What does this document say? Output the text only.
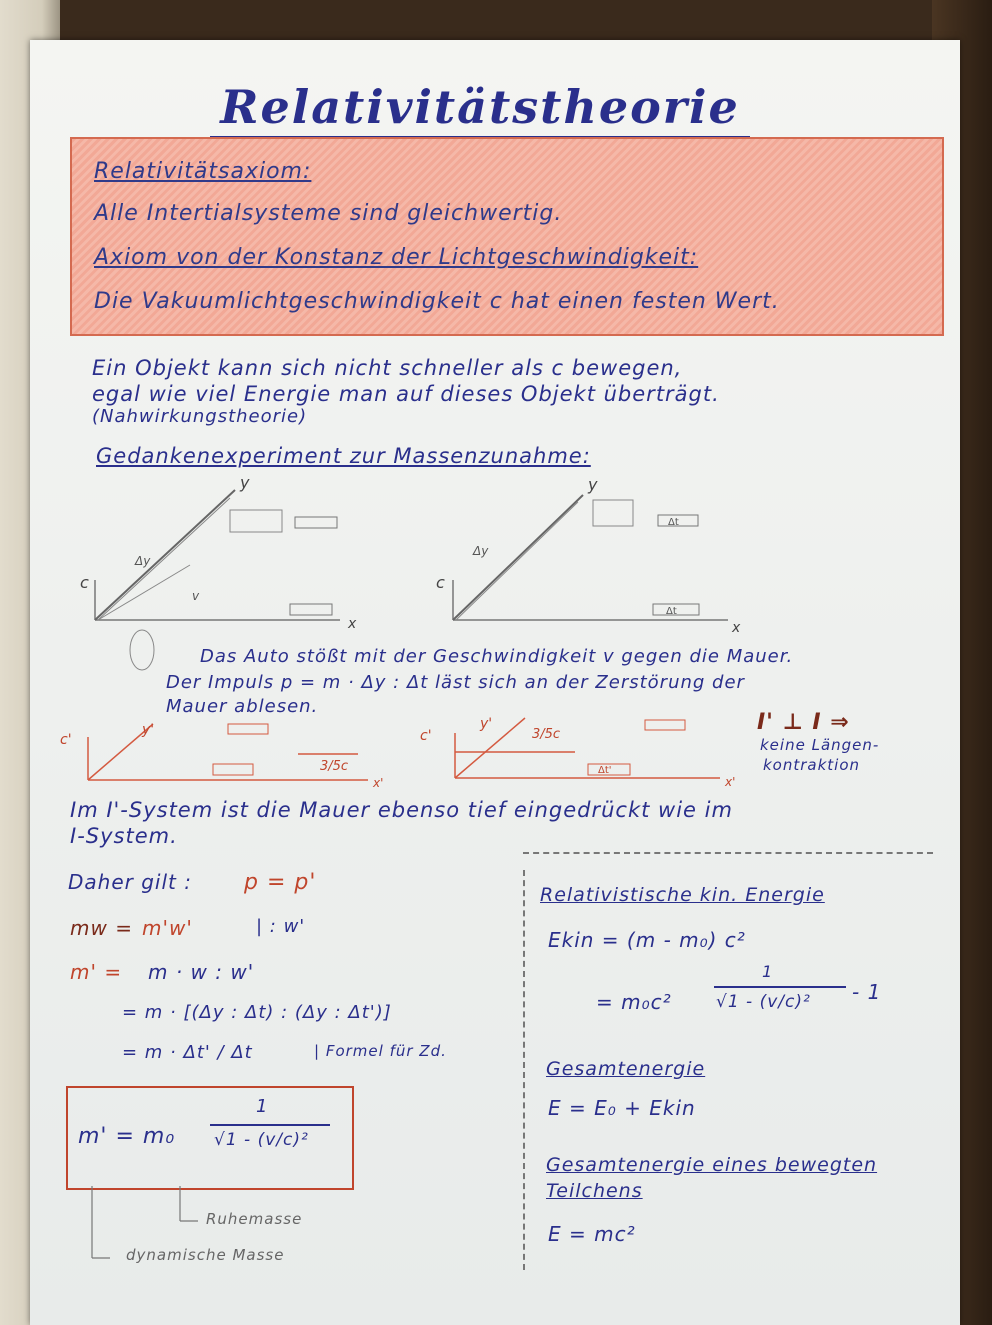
Relativitätstheorie

Relativitätsaxiom:

Alle Intertialsysteme sind gleichwertig.

Axiom von der Konstanz der Lichtgeschwindigkeit:

Die Vakuumlichtgeschwindigkeit c hat einen festen Wert.

Ein Objekt kann sich nicht schneller als c bewegen,

egal wie viel Energie man auf dieses Objekt überträgt.

(Nahwirkungstheorie)

Gedankenexperiment zur Massenzunahme:

y
c
x
Δy
v
y
c
x
Δy
Δt
Δt

Das Auto stößt mit der Geschwindigkeit v gegen die Mauer.

Der Impuls p = m · Δy : Δt läst sich an der Zerstörung der

Mauer ablesen.

c'
y'
x'
3/5c
c'
y'
x'
3/5c
Δt'

I' ⊥ I ⇒

keine Längen-

kontraktion

Im I'-System ist die Mauer ebenso tief eingedrückt wie im

I-System.

Daher gilt : p = p'

mw = m'w'	| : w'

m' = m · w : w'

= m · [(Δy : Δt) : (Δy : Δt')]

= m · Δt' / Δt	| Formel für Zd.

m' = m₀

1

√1 - (v/c)²

Ruhemasse

dynamische Masse

Relativistische kin. Energie

Ekin = (m - m₀) c²

= m₀c²

1

√1 - (v/c)² - 1

Gesamtenergie

E = E₀ + Ekin

Gesamtenergie eines bewegten

Teilchens

E = mc²
